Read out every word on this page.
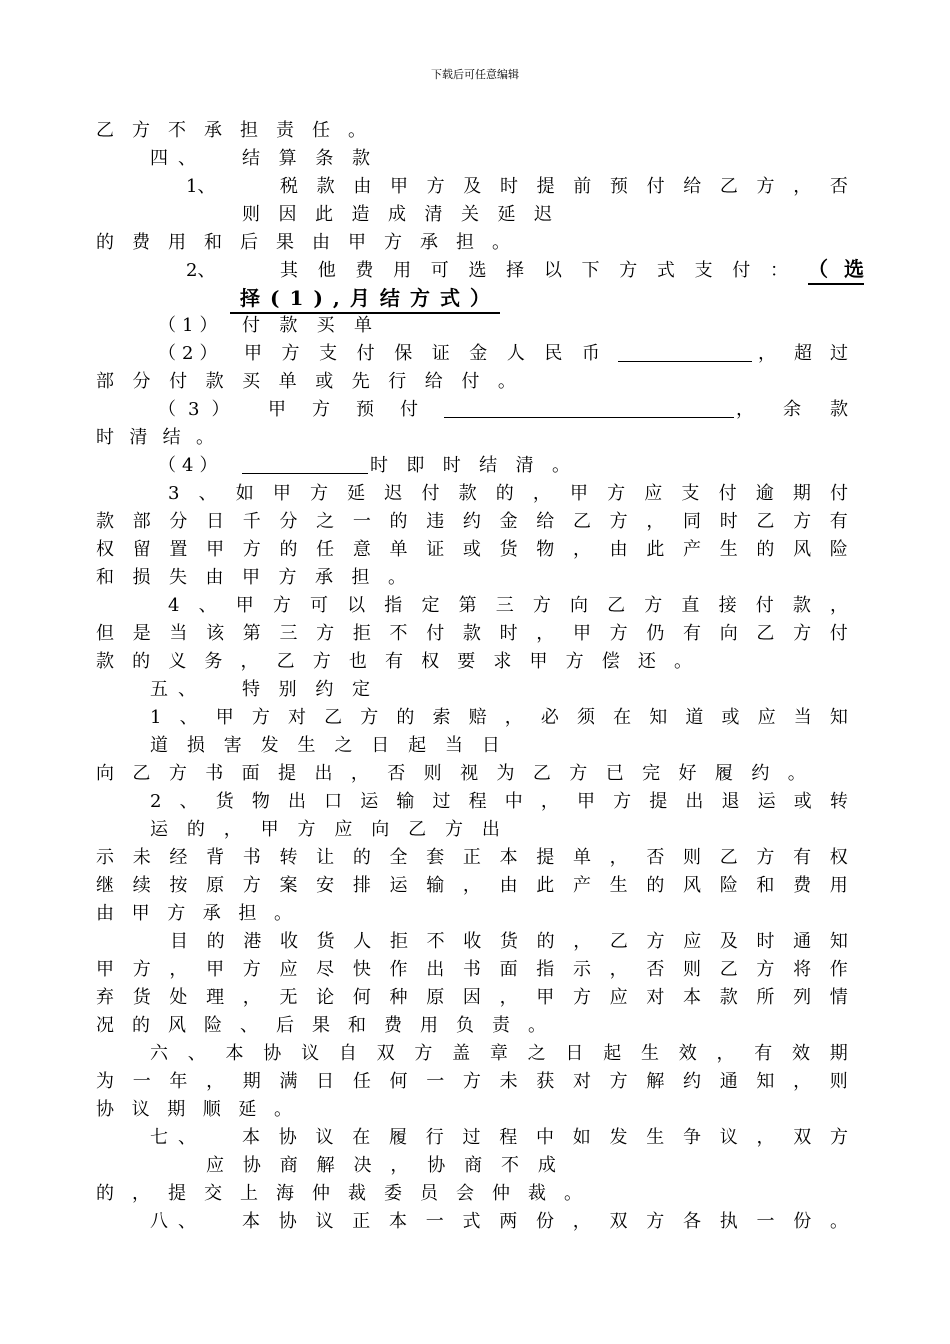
下载后可任意编辑
乙 方 不 承 担 责 任 。
四 、	结 算 条 款
1、	税 款 由 甲 方 及 时 提 前 预 付 给 乙 方 ， 否
则 因 此 造 成 清 关 延 迟
的 费 用 和 后 果 由 甲 方 承 担 。
2、	其 他 费 用 可 选 择 以 下 方 式 支 付 ： （ 选
择 ( 1 ) , 月 结 方 式 ）
（1） 付 款 买 单
（2） 甲 方 支 付 保 证 金 人 民 币	， 超 过
部 分 付 款 买 单 或 先 行 给 付 。
（3） 甲 方 预 付	， 余 款
时 清 结 。
（4）	时 即 时 结 清 。
3 、 如 甲 方 延 迟 付 款 的 ， 甲 方 应 支 付 逾 期 付
款 部 分 日 千 分 之 一 的 违 约 金 给 乙 方 ， 同 时 乙 方 有
权 留 置 甲 方 的 任 意 单 证 或 货 物 ， 由 此 产 生 的 风 险
和 损 失 由 甲 方 承 担 。
4 、 甲 方 可 以 指 定 第 三 方 向 乙 方 直 接 付 款 ，
但 是 当 该 第 三 方 拒 不 付 款 时 ， 甲 方 仍 有 向 乙 方 付
款 的 义 务 ， 乙 方 也 有 权 要 求 甲 方 偿 还 。
五 、	特 别 约 定
1 、 甲 方 对 乙 方 的 索 赔 ， 必 须 在 知 道 或 应 当 知
道 损 害 发 生 之 日 起 当 日
向 乙 方 书 面 提 出 ， 否 则 视 为 乙 方 已 完 好 履 约 。
2 、 货 物 出 口 运 输 过 程 中 ， 甲 方 提 出 退 运 或 转
运 的 ， 甲 方 应 向 乙 方 出
示 未 经 背 书 转 让 的 全 套 正 本 提 单 ， 否 则 乙 方 有 权
继 续 按 原 方 案 安 排 运 输 ， 由 此 产 生 的 风 险 和 费 用
由 甲 方 承 担 。
目 的 港 收 货 人 拒 不 收 货 的 ， 乙 方 应 及 时 通 知
甲 方 ， 甲 方 应 尽 快 作 出 书 面 指 示 ， 否 则 乙 方 将 作
弃 货 处 理 ， 无 论 何 种 原 因 ， 甲 方 应 对 本 款 所 列 情
况 的 风 险 、 后 果 和 费 用 负 责 。
六 、 本 协 议 自 双 方 盖 章 之 日 起 生 效 ， 有 效 期
为 一 年 ， 期 满 日 任 何 一 方 未 获 对 方 解 约 通 知 ， 则
协 议 期 顺 延 。
七 、	本 协 议 在 履 行 过 程 中 如 发 生 争 议 ， 双 方
应 协 商 解 决 ， 协 商 不 成
的 ， 提 交 上 海 仲 裁 委 员 会 仲 裁 。
八 、	本 协 议 正 本 一 式 两 份 ， 双 方 各 执 一 份 。
